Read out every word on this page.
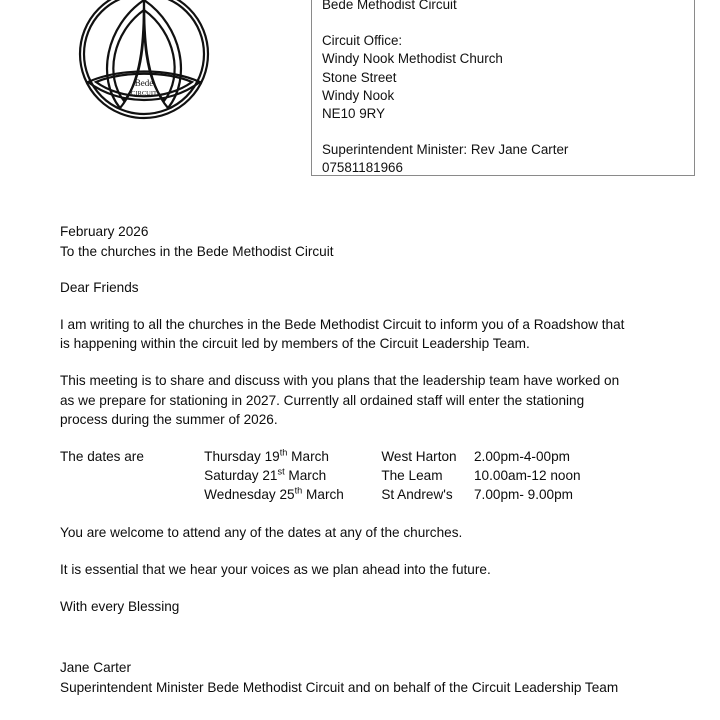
Bede
CIRCUIT
Bede Methodist Circuit
Circuit Office:
Windy Nook Methodist Church
Stone Street
Windy Nook
NE10 9RY
Superintendent Minister: Rev Jane Carter
07581181966

February 2026

To the churches in the Bede Methodist Circuit

Dear Friends

I am writing to all the churches in the Bede Methodist Circuit to inform you of a Roadshow that
is happening within the circuit led by members of the Circuit Leadership Team.

This meeting is to share and discuss with you plans that the leadership team have worked on
as we prepare for stationing in 2027. Currently all ordained staff will enter the stationing
process during the summer of 2026.

The dates are	Thursday 19th March	West Harton	2.00pm-4-00pm
	Saturday 21st March	The Leam	10.00am-12 noon
	Wednesday 25th March	St Andrew's	7.00pm- 9.00pm

You are welcome to attend any of the dates at any of the churches.

It is essential that we hear your voices as we plan ahead into the future.

With every Blessing

Jane Carter

Superintendent Minister Bede Methodist Circuit and on behalf of the Circuit Leadership Team
